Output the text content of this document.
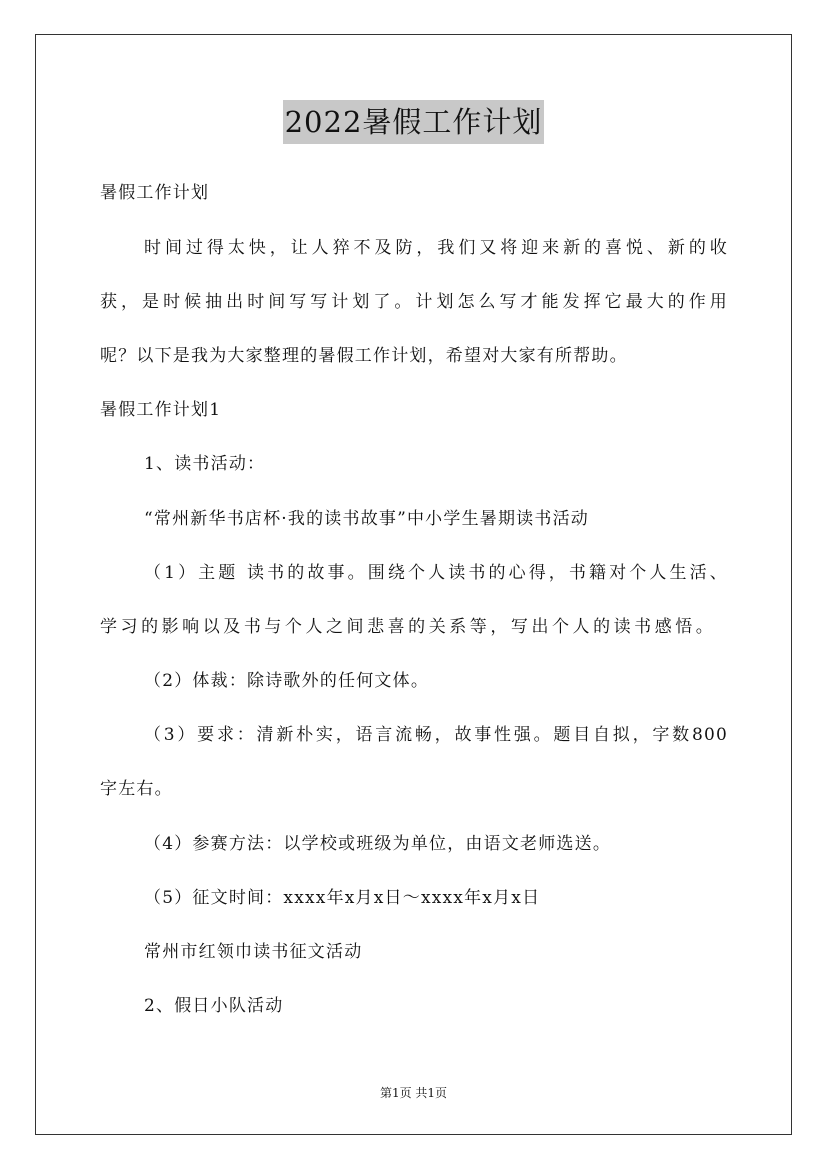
2022暑假工作计划
暑假工作计划
时间过得太快，让人猝不及防，我们又将迎来新的喜悦、新的收
获，是时候抽出时间写写计划了。计划怎么写才能发挥它最大的作用
呢？以下是我为大家整理的暑假工作计划，希望对大家有所帮助。
暑假工作计划1
1、读书活动：
“常州新华书店杯·我的读书故事”中小学生暑期读书活动
（1）主题 读书的故事。围绕个人读书的心得，书籍对个人生活、
学习的影响以及书与个人之间悲喜的关系等，写出个人的读书感悟。
（2）体裁：除诗歌外的任何文体。
（3）要求：清新朴实，语言流畅，故事性强。题目自拟，字数800
字左右。
（4）参赛方法：以学校或班级为单位，由语文老师选送。
（5）征文时间：xxxx年x月x日～xxxx年x月x日
常州市红领巾读书征文活动
2、假日小队活动
第1页 共1页
